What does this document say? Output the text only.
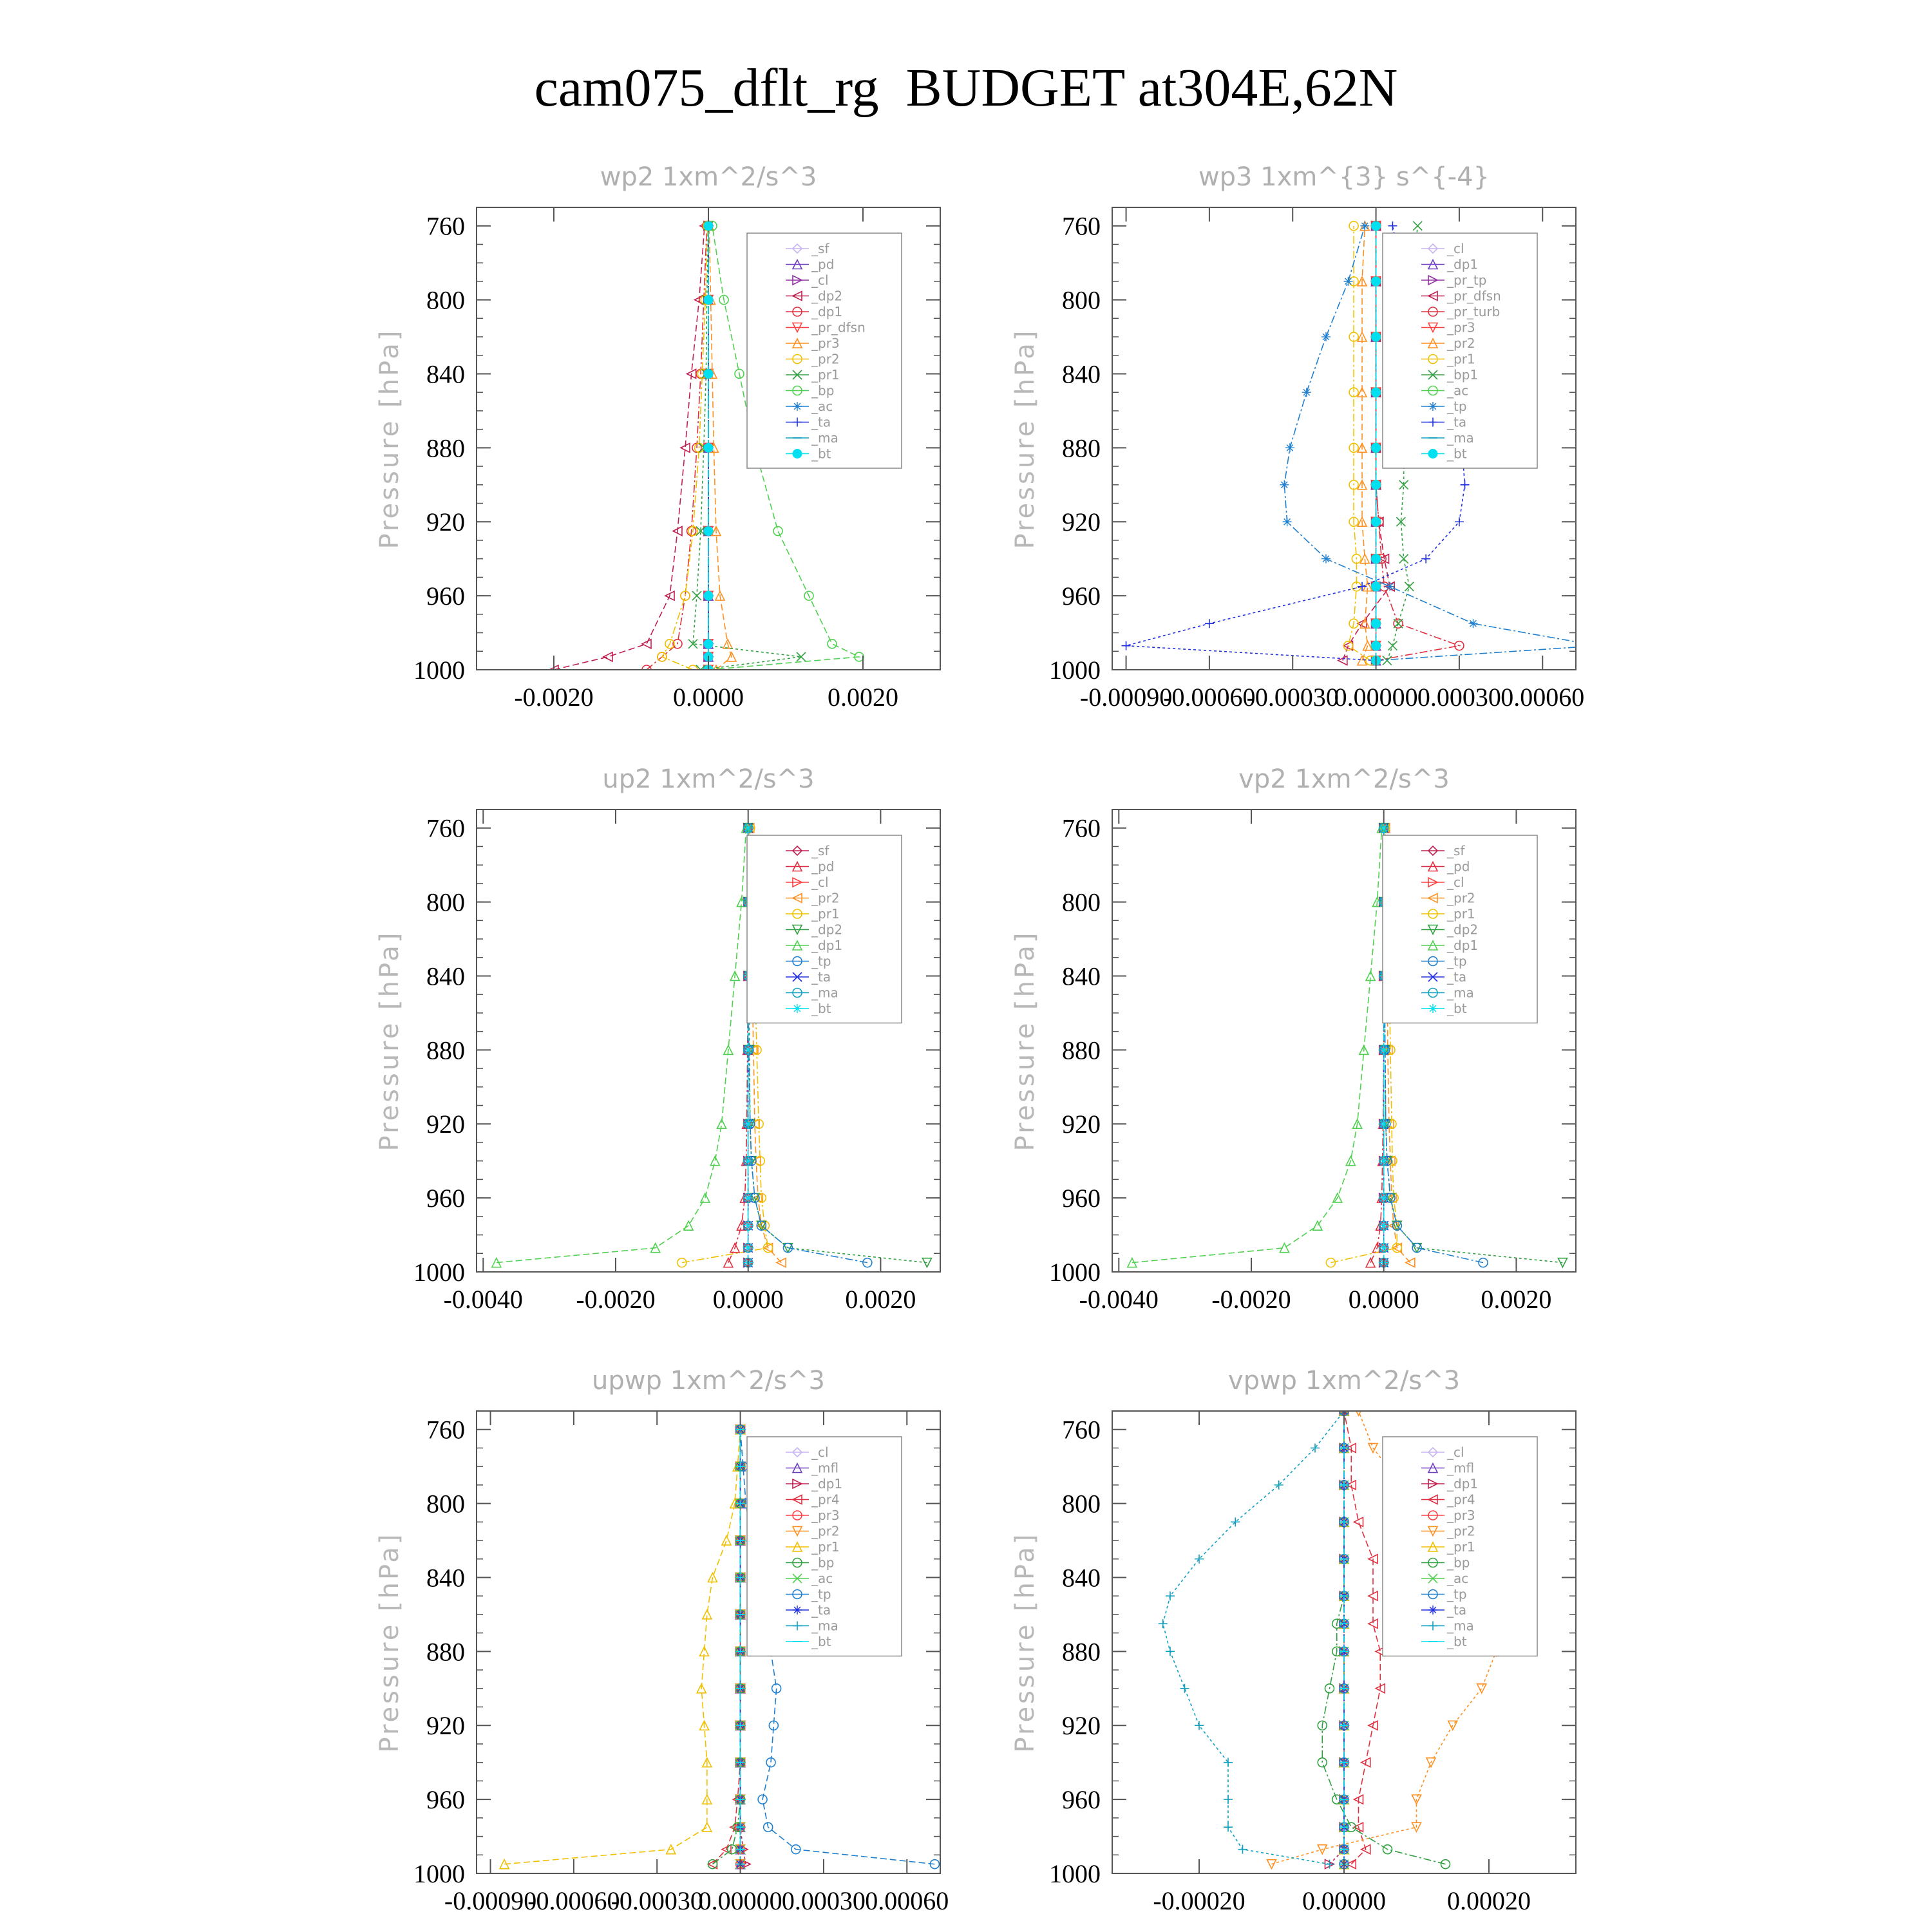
cam075_dflt_rg  BUDGET at304E,62N
wp2 1xm^2/s^3
Pressure [hPa]
760
800
840
880
920
960
1000
-0.0020	0.0000	0.0020
_sf
_pd
_cl
_dp2
_dp1
_pr_dfsn
_pr3
_pr2
_pr1
_bp
_ac
_ta
_ma
_bt
wp3 1xm^{3} s^{-4}
Pressure [hPa]
760
800
840
880
920
960
1000
-0.00090
-0.00060
-0.00030
0.00000 0.00030 0.00060
_cl
_dp1
_pr_tp
_pr_dfsn
_pr_turb
_pr3
_pr2
_pr1
_bp1
_ac
_tp
_ta
_ma
_bt
up2 1xm^2/s^3
Pressure [hPa]
760
800
840
880
920
960
1000
-0.0040 -0.0020 0.0000 0.0020
_sf
_pd
_cl
_pr2
_pr1
_dp2
_dp1
_tp
_ta
_ma
_bt
vp2 1xm^2/s^3
Pressure [hPa]
760
800
840
880
920
960
1000
-0.0040 -0.0020 0.0000 0.0020
_sf
_pd
_cl
_pr2
_pr1
_dp2
_dp1
_tp
_ta
_ma
_bt
upwp 1xm^2/s^3
Pressure [hPa]
760
800
840
880
920
960
1000
-0.00090
-0.00060
-0.00030
0.00000 0.00030 0.00060
_cl
_mfl
_dp1
_pr4
_pr3
_pr2
_pr1
_bp
_ac
_tp
_ta
_ma
_bt
vpwp 1xm^2/s^3
Pressure [hPa]
760
800
840
880
920
960
1000
-0.00020 0.00000 0.00020
_cl
_mfl
_dp1
_pr4
_pr3
_pr2
_pr1
_bp
_ac
_tp
_ta
_ma
_bt
